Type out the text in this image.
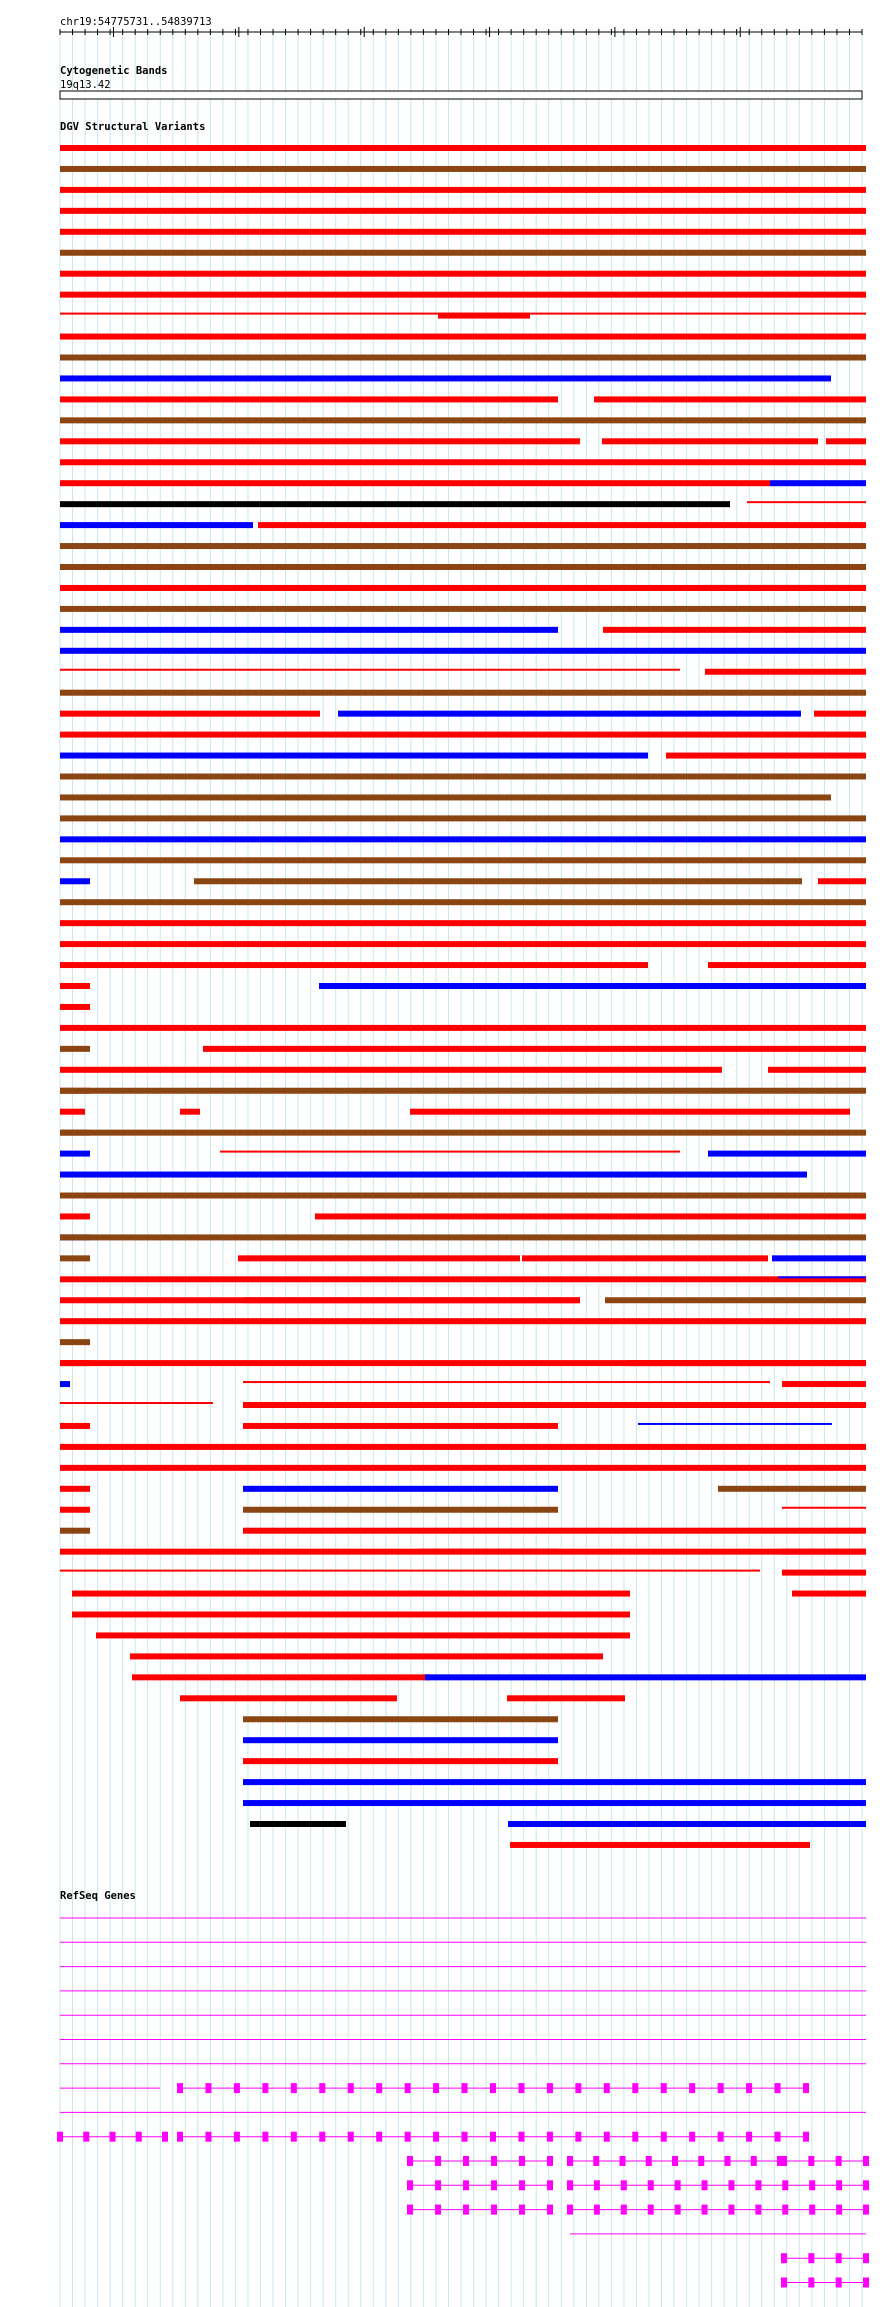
chr19:54775731..54839713
Cytogenetic Bands
19q13.42
DGV Structural Variants
RefSeq Genes
